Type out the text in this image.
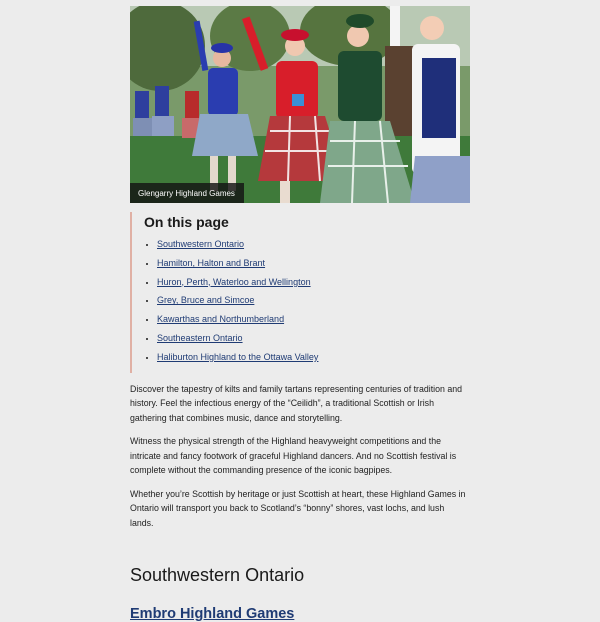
Glengarry Highland Games
On this page
• Southwestern Ontario
• Hamilton, Halton and Brant
• Huron, Perth, Waterloo and Wellington
• Grey, Bruce and Simcoe
• Kawarthas and Northumberland
• Southeastern Ontario
• Haliburton Highland to the Ottawa Valley

Discover the tapestry of kilts and family tartans representing centuries of tradition and history. Feel the infectious energy of the “Ceilidh”, a traditional Scottish or Irish gathering that combines music, dance and storytelling.

Witness the physical strength of the Highland heavyweight competitions and the intricate and fancy footwork of graceful Highland dancers. And no Scottish festival is complete without the commanding presence of the iconic bagpipes.

Whether you’re Scottish by heritage or just Scottish at heart, these Highland Games in Ontario will transport you back to Scotland’s “bonny” shores, vast lochs, and lush lands.

Southwestern Ontario
Embro Highland Games
